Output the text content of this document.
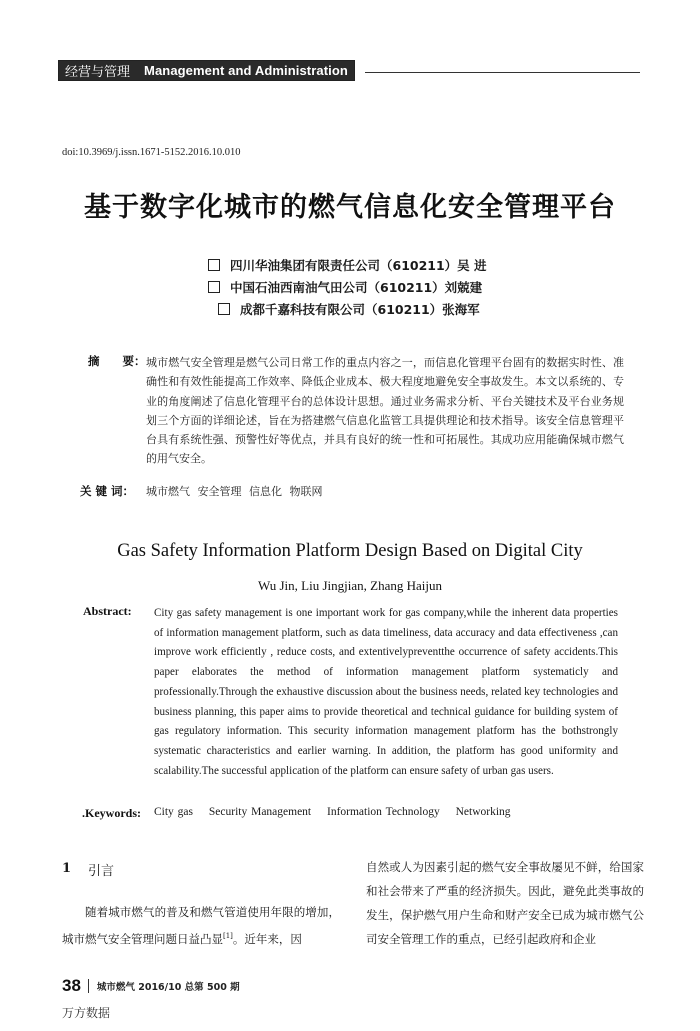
经营与管理	Management and Administration
doi:10.3969/j.issn.1671-5152.2016.10.010
基于数字化城市的燃气信息化安全管理平台
四川华油集团有限责任公司（610211）吴 进
中国石油西南油气田公司（610211）刘兢建
成都千嘉科技有限公司（610211）张海军
摘　　要： 城市燃气安全管理是燃气公司日常工作的重点内容之一，而信息化管理平台固有的数据实时性、准确性和有效性能提高工作效率、降低企业成本、极大程度地避免安全事故发生。本文以系统的、专业的角度阐述了信息化管理平台的总体设计思想。通过业务需求分析、平台关键技术及平台业务规划三个方面的详细论述，旨在为搭建燃气信息化监管工具提供理论和技术指导。该安全信息管理平台具有系统性强、预警性好等优点，并具有良好的统一性和可拓展性。其成功应用能确保城市燃气的用气安全。
关 键 词： 城市燃气 安全管理 信息化 物联网
Gas Safety Information Platform Design Based on Digital City
Wu Jin, Liu Jingjian, Zhang Haijun
Abstract: City gas safety management is one important work for gas company,while the inherent data properties of information management platform, such as data timeliness, data accuracy and data effectiveness ,can improve work efficiently , reduce costs, and extentivelypreventthe occurrence of safety accidents.This paper elaborates the method of information management platform systematicly and professionally.Through the exhaustive discussion about the business needs, related key technologies and business planning, this paper aims to provide theoretical and technical guidance for building system of gas regulatory information. This security information management platform has the bothstrongly systematic characteristics and earlier warning. In addition, the platform has good uniformity and scalability.The successful application of the platform can ensure safety of urban gas users.
.Keywords: City gas Security Management Information Technology Networking
1 引言
随着城市燃气的普及和燃气管道使用年限的增加，城市燃气安全管理问题日益凸显[1]。近年来，因
自然或人为因素引起的燃气安全事故屡见不鲜，给国家和社会带来了严重的经济损失。因此，避免此类事故的发生，保护燃气用户生命和财产安全已成为城市燃气公司安全管理工作的重点，已经引起政府和企业
38 城市燃气 2016/10 总第 500 期
万方数据
